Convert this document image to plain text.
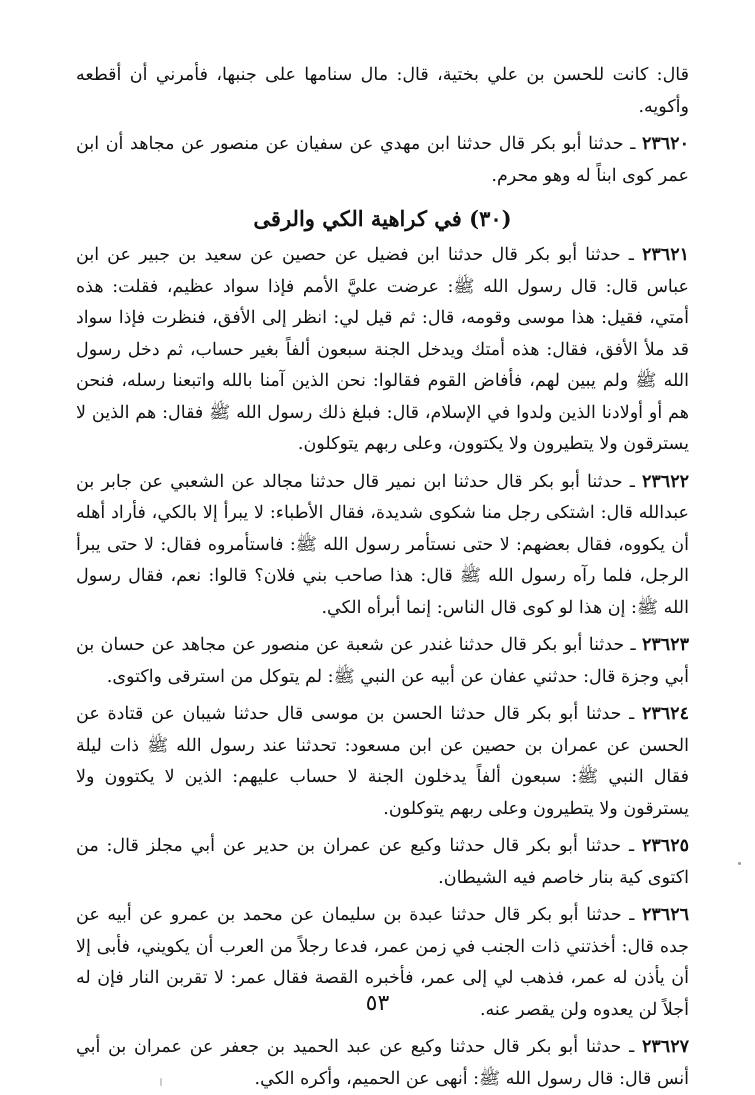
قال: كانت للحسن بن علي بختية، قال: مال سنامها على جنبها، فأمرني أن أقطعه وأكويه.

٢٣٦٢٠ ـ حدثنا أبو بكر قال حدثنا ابن مهدي عن سفيان عن منصور عن مجاهد أن ابن عمر كوى ابناً له وهو محرم.

(٣٠) في كراهية الكي والرقى

٢٣٦٢١ ـ حدثنا أبو بكر قال حدثنا ابن فضيل عن حصين عن سعيد بن جبير عن ابن عباس قال: قال رسول الله ﷺ: عرضت عليَّ الأمم فإذا سواد عظيم، فقلت: هذه أمتي، فقيل: هذا موسى وقومه، قال: ثم قيل لي: انظر إلى الأفق، فنظرت فإذا سواد قد ملأ الأفق، فقال: هذه أمتك ويدخل الجنة سبعون ألفاً بغير حساب، ثم دخل رسول الله ﷺ ولم يبين لهم، فأفاض القوم فقالوا: نحن الذين آمنا بالله واتبعنا رسله، فنحن هم أو أولادنا الذين ولدوا في الإسلام، قال: فبلغ ذلك رسول الله ﷺ فقال: هم الذين لا يسترقون ولا يتطيرون ولا يكتوون، وعلى ربهم يتوكلون.

٢٣٦٢٢ ـ حدثنا أبو بكر قال حدثنا ابن نمير قال حدثنا مجالد عن الشعبي عن جابر بن عبدالله قال: اشتكى رجل منا شكوى شديدة، فقال الأطباء: لا يبرأ إلا بالكي، فأراد أهله أن يكووه، فقال بعضهم: لا حتى نستأمر رسول الله ﷺ: فاستأمروه فقال: لا حتى يبرأ الرجل، فلما رآه رسول الله ﷺ قال: هذا صاحب بني فلان؟ قالوا: نعم، فقال رسول الله ﷺ: إن هذا لو كوى قال الناس: إنما أبرأه الكي.

٢٣٦٢٣ ـ حدثنا أبو بكر قال حدثنا غندر عن شعبة عن منصور عن مجاهد عن حسان بن أبي وجزة قال: حدثني عفان عن أبيه عن النبي ﷺ: لم يتوكل من استرقى واكتوى.

٢٣٦٢٤ ـ حدثنا أبو بكر قال حدثنا الحسن بن موسى قال حدثنا شيبان عن قتادة عن الحسن عن عمران بن حصين عن ابن مسعود: تحدثنا عند رسول الله ﷺ ذات ليلة فقال النبي ﷺ: سبعون ألفاً يدخلون الجنة لا حساب عليهم: الذين لا يكتوون ولا يسترقون ولا يتطيرون وعلى ربهم يتوكلون.

٢٣٦٢٥ ـ حدثنا أبو بكر قال حدثنا وكيع عن عمران بن حدير عن أبي مجلز قال: من اكتوى كية بنار خاصم فيه الشيطان.

٢٣٦٢٦ ـ حدثنا أبو بكر قال حدثنا عبدة بن سليمان عن محمد بن عمرو عن أبيه عن جده قال: أخذتني ذات الجنب في زمن عمر، فدعا رجلاً من العرب أن يكويني، فأبى إلا أن يأذن له عمر، فذهب لي إلى عمر، فأخبره القصة فقال عمر: لا تقربن النار فإن له أجلاً لن يعدوه ولن يقصر عنه.

٢٣٦٢٧ ـ حدثنا أبو بكر قال حدثنا وكيع عن عبد الحميد بن جعفر عن عمران بن أبي أنس قال: قال رسول الله ﷺ: أنهى عن الحميم، وأكره الكي.

٥٣
